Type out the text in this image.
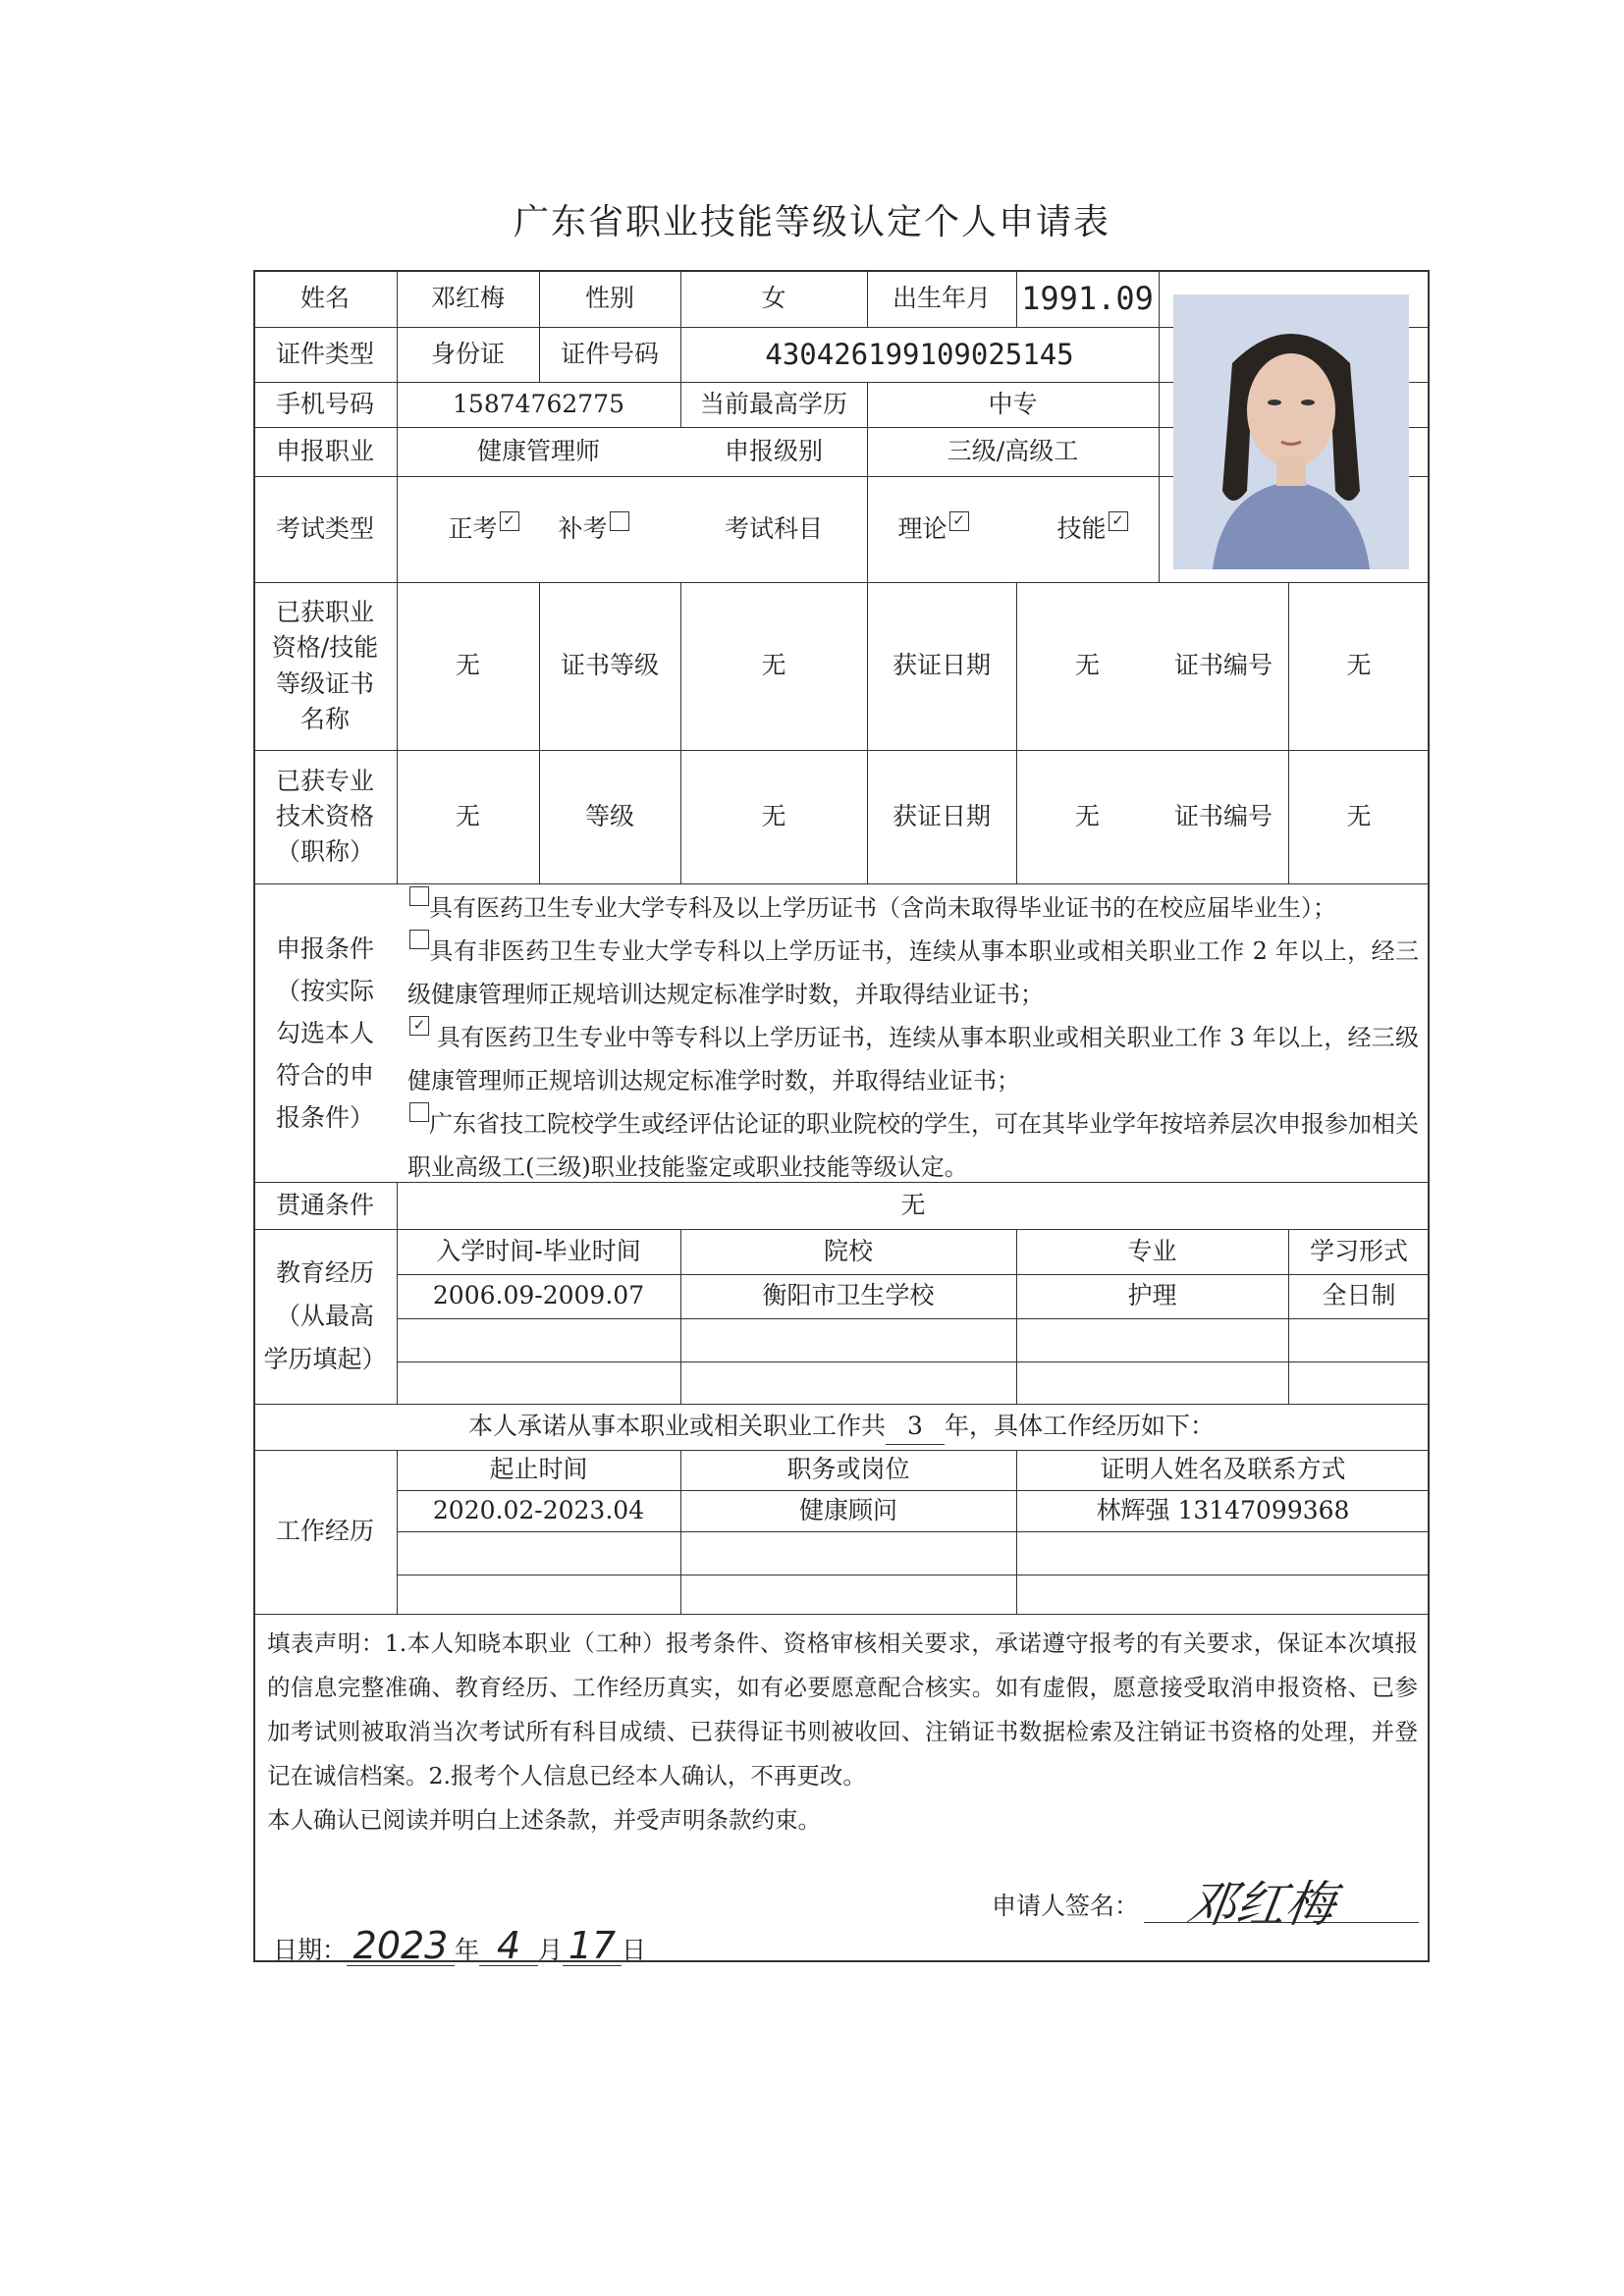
广东省职业技能等级认定个人申请表
姓名	邓红梅	性别	女	出生年月 1991.09
证件类型	身份证	证件号码	430426199109025145
手机号码	15874762775	当前最高学历	中专
申报职业	健康管理师	申报级别	三级/高级工
考试类型	正考 ✓ 补考	考试科目	理论 ✓	技能 ✓
已获职业
资格/技能
等级证书
名称
无	证书等级	无	获证日期	无	证书编号	无
已获专业
技术资格
（职称）
无	等级	无	获证日期	无	证书编号	无
申报条件
（按实际
勾选本人
符合的申
报条件）
具有医药卫生专业大学专科及以上学历证书（含尚未取得毕业证书的在校应届毕业生）；
具有非医药卫生专业大学专科以上学历证书，连续从事本职业或相关职业工作 2 年以上，经三级健康管理师正规培训达规定标准学时数，并取得结业证书；
✓ 具有医药卫生专业中等专科以上学历证书，连续从事本职业或相关职业工作 3 年以上，经三级健康管理师正规培训达规定标准学时数，并取得结业证书；
广东省技工院校学生或经评估论证的职业院校的学生，可在其毕业学年按培养层次申报参加相关职业高级工(三级)职业技能鉴定或职业技能等级认定。
贯通条件	无
教育经历
（从最高
学历填起）
入学时间-毕业时间	院校	专业	学习形式
2006.09-2009.07	衡阳市卫生学校	护理	全日制
本人承诺从事本职业或相关职业工作共 3 年，具体工作经历如下：
工作经历
起止时间	职务或岗位	证明人姓名及联系方式
2020.02-2023.04	健康顾问	林辉强 13147099368
填表声明：1.本人知晓本职业（工种）报考条件、资格审核相关要求，承诺遵守报考的有关要求，保证本次填报的信息完整准确、教育经历、工作经历真实，如有必要愿意配合核实。如有虚假，愿意接受取消申报资格、已参加考试则被取消当次考试所有科目成绩、已获得证书则被收回、注销证书数据检索及注销证书资格的处理，并登记在诚信档案。2.报考个人信息已经本人确认，不再更改。
本人确认已阅读并明白上述条款，并受声明条款约束。
申请人签名： 邓红梅
日期： 2023 年 4 月 17 日
